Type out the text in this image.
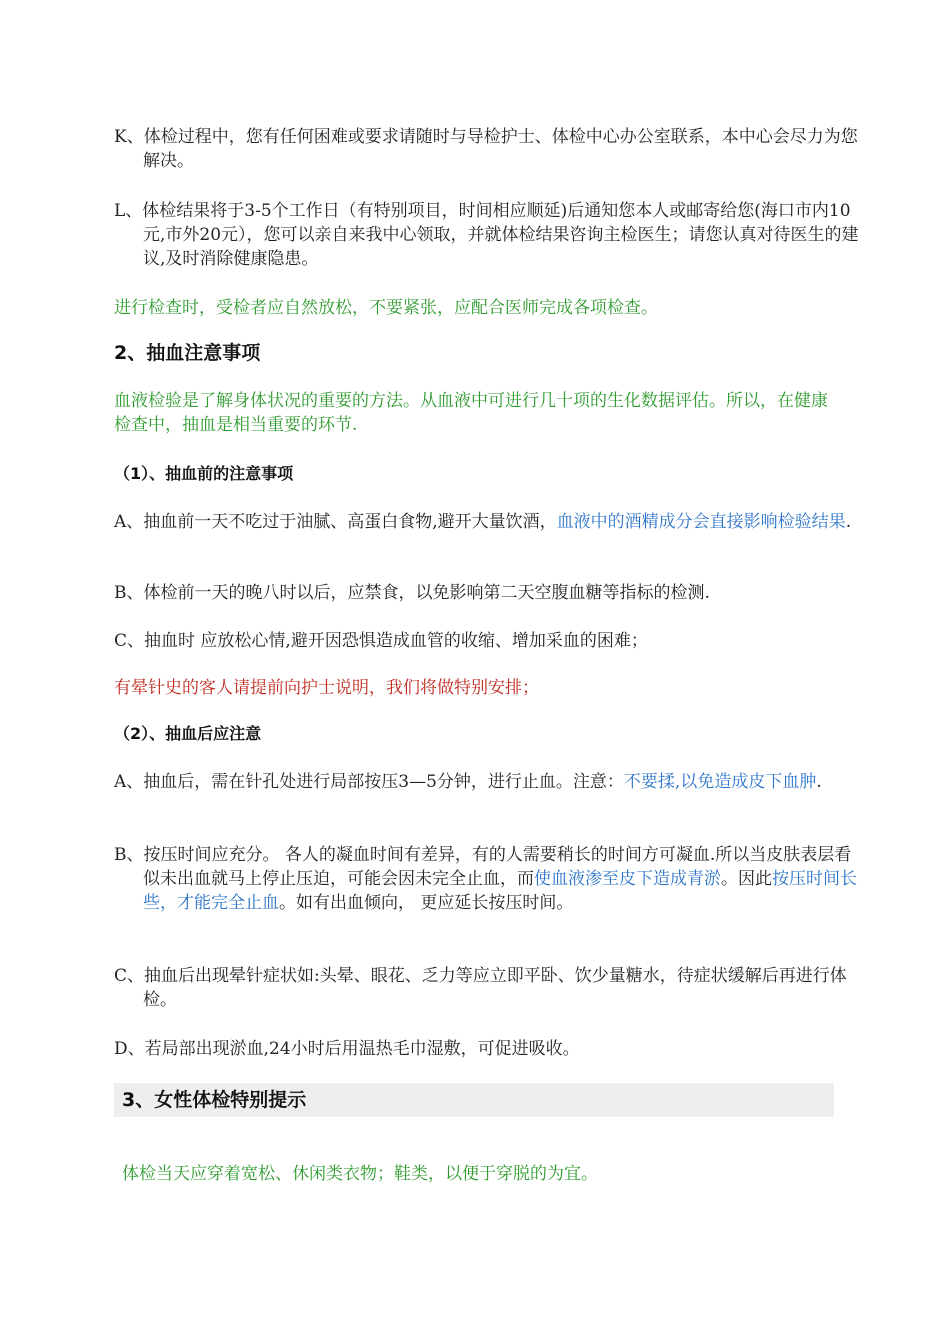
K、体检过程中，您有任何困难或要求请随时与导检护士、体检中心办公室联系，本中心会尽力为您解决。

L、体检结果将于3-5个工作日（有特别项目，时间相应顺延)后通知您本人或邮寄给您(海口市内10元,市外20元），您可以亲自来我中心领取，并就体检结果咨询主检医生；请您认真对待医生的建议,及时消除健康隐患。

进行检查时，受检者应自然放松，不要紧张，应配合医师完成各项检查。

2、抽血注意事项

血液检验是了解身体状况的重要的方法。从血液中可进行几十项的生化数据评估。所以，在健康检查中，抽血是相当重要的环节.

（1）、抽血前的注意事项

A、抽血前一天不吃过于油腻、高蛋白食物,避开大量饮酒，血液中的酒精成分会直接影响检验结果.

B、体检前一天的晚八时以后，应禁食，以免影响第二天空腹血糖等指标的检测.

C、抽血时 应放松心情,避开因恐惧造成血管的收缩、增加采血的困难；

有晕针史的客人请提前向护士说明，我们将做特别安排；

（2）、抽血后应注意

A、抽血后，需在针孔处进行局部按压3—5分钟，进行止血。注意：不要揉,以免造成皮下血肿.

B、按压时间应充分。 各人的凝血时间有差异，有的人需要稍长的时间方可凝血.所以当皮肤表层看似未出血就马上停止压迫，可能会因未完全止血，而使血液渗至皮下造成青淤。因此按压时间长些，才能完全止血。如有出血倾向， 更应延长按压时间。

C、抽血后出现晕针症状如:头晕、眼花、乏力等应立即平卧、饮少量糖水，待症状缓解后再进行体检。

D、若局部出现淤血,24小时后用温热毛巾湿敷，可促进吸收。

3、女性体检特别提示

体检当天应穿着宽松、休闲类衣物；鞋类，以便于穿脱的为宜。
